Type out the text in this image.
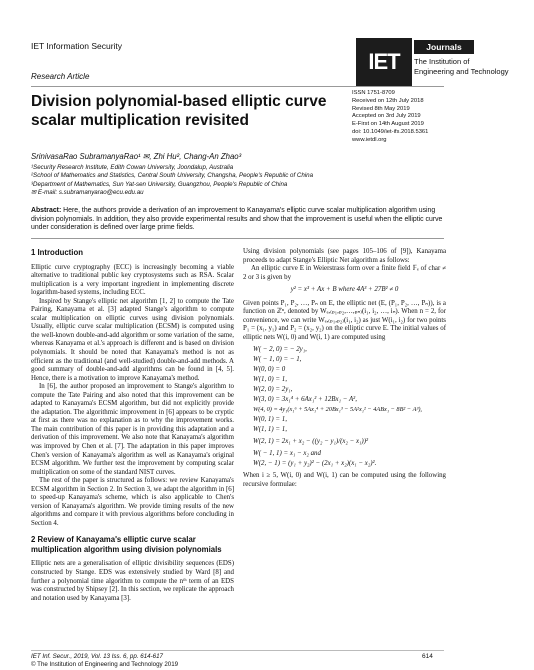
IET Information Security
Research Article
IET
Journals
The Institution of
Engineering and Technology
Division polynomial-based elliptic curve
scalar multiplication revisited
ISSN 1751-8709
Received on 12th July 2018
Revised 8th May 2019
Accepted on 3rd July 2019
E-First on 14th August 2019
doi: 10.1049/iet-ifs.2018.5361
www.ietdl.org
SrinivasaRao SubramanyaRao¹ ✉, Zhi Hu², Chang-An Zhao³
¹Security Research Institute, Edith Cowan University, Joondalup, Australia
²School of Mathematics and Statistics, Central South University, Changsha, People's Republic of China
³Department of Mathematics, Sun Yat-sen University, Guangzhou, People's Republic of China
✉ E-mail: s.subramanyarao@ecu.edu.au
Abstract: Here, the authors provide a derivation of an improvement to Kanayama's elliptic curve scalar multiplication algorithm using division polynomials. In addition, they also provide experimental results and show that the improvement is useful when the elliptic curve under consideration is defined over large prime fields.
1 Introduction

Elliptic curve cryptography (ECC) is increasingly becoming a viable alternative to traditional public key cryptosystems such as RSA. Scalar multiplication is a very important ingredient in implementing discrete logarithm-based systems, including ECC.

Inspired by Stange's elliptic net algorithm [1, 2] to compute the Tate Pairing, Kanayama et al. [3] adapted Stange's algorithm to compute scalar multiplication on elliptic curves using division polynomials. Usually, elliptic curve scalar multiplication (ECSM) is computed using the well-known double-and-add algorithm or some variation of the same, whereas Kanayama et al.'s approach is different and is based on division polynomials. It should be noted that Kanayama's method is not as efficient as the traditional (and well-studied) double-and-add methods. A good summary of double-and-add algorithms can be found in [4, 5]. Hence, there is a motivation to improve Kanayama's method.

In [6], the author proposed an improvement to Stange's algorithm to compute the Tate Pairing and also noted that this improvement can be adapted to Kanayama's ECSM algorithm, but did not explicitly provide the adaptation. The algorithmic improvement in [6] appears to be cryptic at first as there was no explanation as to why the improvement works. The main contribution of this paper is in providing this adaptation and a derivation of this improvement. We also note that Kanayama's algorithm was improved by Chen et al. [7]. The adaptation in this paper improves Chen's version of Kanayama's algorithm as well as Kanayama's original ECSM algorithm. We further test the improvement by computing scalar multiplication on some of the standard NIST curves.

The rest of the paper is structured as follows: we review Kanayama's ECSM algorithm in Section 2. In Section 3, we adapt the algorithm in [6] to speed-up Kanayama's scheme, which is also applicable to Chen's version of Kanayama's algorithm. We provide timing results of the new algorithms and compare it with previous algorithms before concluding in Section 4.

2 Review of Kanayama's elliptic curve scalar multiplication algorithm using division polynomials

Elliptic nets are a generalisation of elliptic divisibility sequences (EDS) constructed by Stange. EDS was extensively studied by Ward [8] and further a polynomial time algorithm to compute the nᵗʰ term of an EDS was constructed by Shipsey [2]. In this section, we replicate the approach and notation used by Kanayama [3].

Using division polynomials (see pages 105–106 of [9]), Kanayama proceeds to adapt Stange's Elliptic Net algorithm as follows:

An elliptic curve E in Weierstrass form over a finite field 𝔽ₑ of char ≠ 2 or 3 is given by

y² = x³ + Ax + B where 4A³ + 27B² ≠ 0

Given points P₁, P₂, …, Pₙ on E, the elliptic net (E, (P₁, P₂, …, Pₙ)), is a function on ℤⁿ, denoted by Wₑ,₍ₚ₁,ₚ₂,…,ₚₙ₎(i₁, i₂, …, iₙ). When n = 2, for convenience, we can write Wₑ,₍ₚ₁,ₚ₂₎(i₁, i₂) as just W(i₁, i₂) for two points P₁ = (x₁, y₁) and P₂ = (x₂, y₂) on the elliptic curve E. The initial values of elliptic nets W(i, 0) and W(i, 1) are computed using

W( − 2, 0) = − 2y₁,
W( − 1, 0) = − 1,
W(0, 0) = 0
W(1, 0) = 1,
W(2, 0) = 2y₁,
W(3, 0) = 3x₁⁴ + 6Ax₁² + 12Bx₁ − A²,
W(4, 0) = 4y₁(x₁⁶ + 5Ax₁⁴ + 20Bx₁³ − 5A²x₁² − 4ABx₁ − 8B² − A³),
W(0, 1) = 1,
W(1, 1) = 1,
W(2, 1) = 2x₁ + x₂ − ((y₂ − y₁)/(x₂ − x₁))²
W( − 1, 1) = x₁ − x₂ and
W(2, − 1) = (y₁ + y₂)² − (2x₁ + x₂)(x₁ − x₂)².

When i ≥ 5, W(i, 0) and W(i, 1) can be computed using the following recursive formulae:

IET Inf. Secur., 2019, Vol. 13 Iss. 6, pp. 614-617
© The Institution of Engineering and Technology 2019
614
